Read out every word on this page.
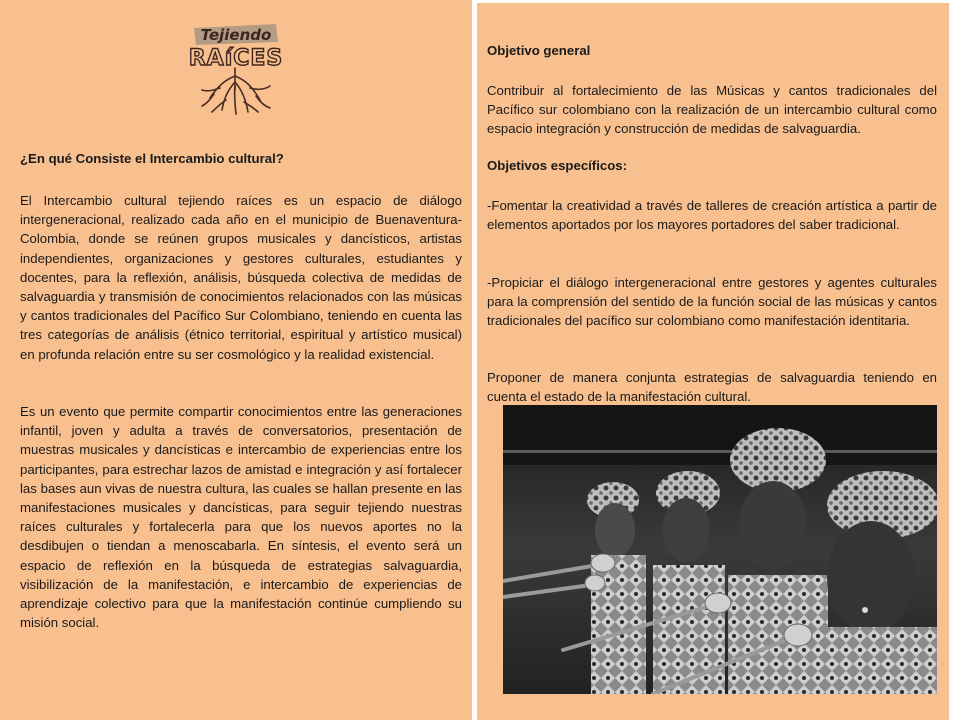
Tejiendo
RAíCES

¿En qué Consiste el Intercambio cultural?

El Intercambio cultural tejiendo raíces es un espacio de diálogo intergeneracional, realizado cada año en el municipio de Buenaventura-Colombia, donde se reúnen grupos musicales y dancísticos, artistas independientes, organizaciones y gestores culturales, estudiantes y docentes, para la reflexión, análisis, búsqueda colectiva de medidas de salvaguardia y transmisión de conocimientos relacionados con las músicas y cantos tradicionales del Pacífico Sur Colombiano, teniendo en cuenta las tres categorías de análisis (étnico territorial, espiritual y artístico musical) en profunda relación entre su ser cosmológico y la realidad existencial.

Es un evento que permite compartir conocimientos entre las generaciones infantil, joven y adulta a través de conversatorios, presentación de muestras musicales y dancísticas e intercambio de experiencias entre los participantes, para estrechar lazos de amistad e integración y así fortalecer las bases aun vivas de nuestra cultura, las cuales se hallan presente en las manifestaciones musicales y dancísticas, para seguir tejiendo nuestras raíces culturales y fortalecerla para que los nuevos aportes no la desdibujen o tiendan a menoscabarla. En síntesis, el evento será un espacio de reflexión en la búsqueda de estrategias salvaguardia, visibilización de la manifestación, e intercambio de experiencias de aprendizaje colectivo para que la manifestación continúe cumpliendo su misión social.

Objetivo general

Contribuir al fortalecimiento de las Músicas y cantos tradicionales del Pacífico sur colombiano con la realización de un intercambio cultural como espacio integración y construcción de medidas de salvaguardia.

Objetivos específicos:

-Fomentar la creatividad a través de talleres de creación artística a partir de elementos aportados por los mayores portadores del saber tradicional.

-Propiciar el diálogo intergeneracional entre gestores y agentes culturales para la comprensión del sentido de la función social de las músicas y cantos tradicionales del pacífico sur colombiano como manifestación identitaria.

Proponer de manera conjunta estrategias de salvaguardia teniendo en cuenta el estado de la manifestación cultural.
